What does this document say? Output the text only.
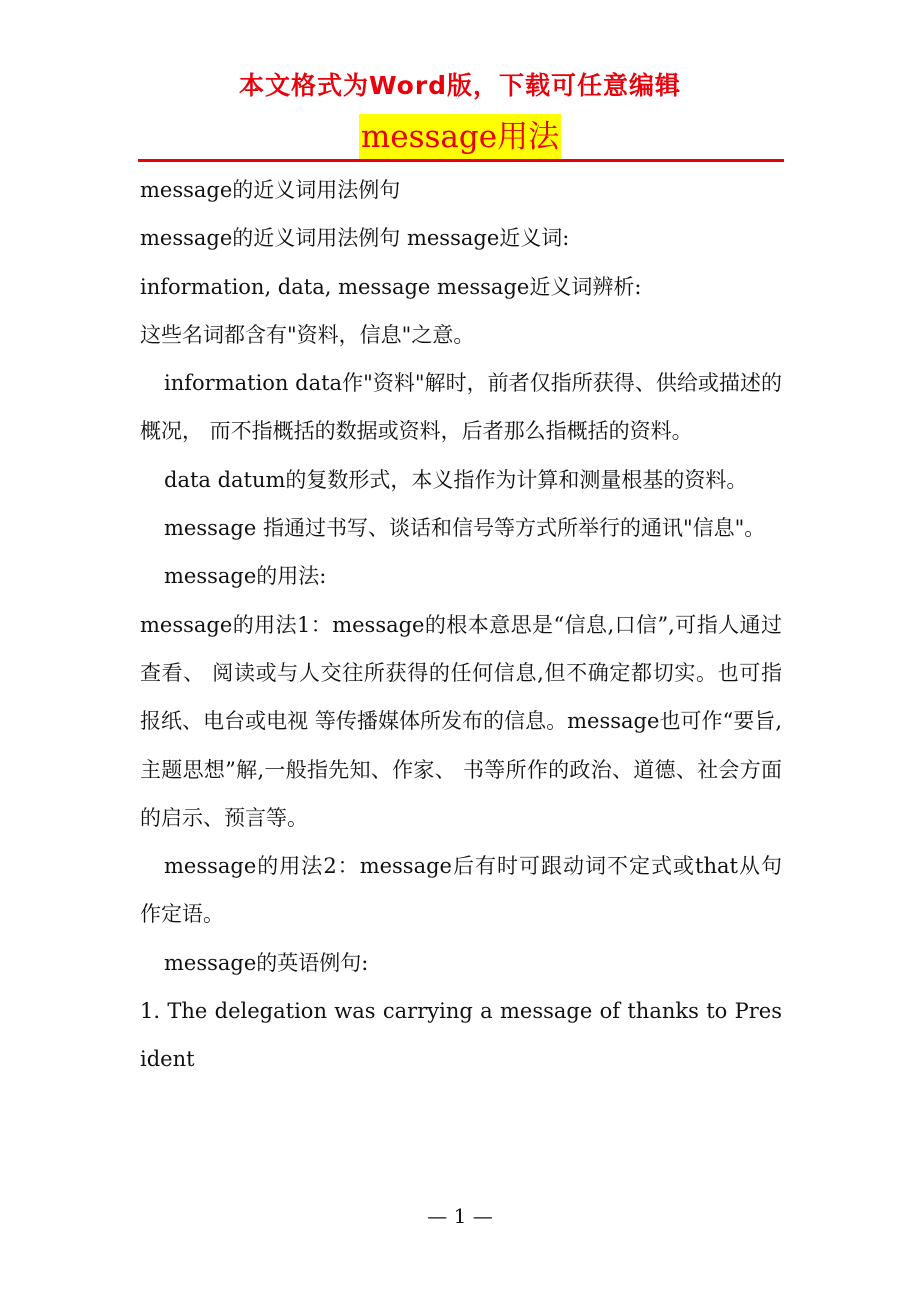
本文格式为Word版，下载可任意编辑
message用法

message的近义词用法例句

message的近义词用法例句 message近义词:

information, data, message message近义词辨析:

这些名词都含有"资料，信息"之意。

information data作"资料"解时，前者仅指所获得、供给或描述的概况， 而不指概括的数据或资料，后者那么指概括的资料。

data datum的复数形式，本义指作为计算和测量根基的资料。

message 指通过书写、谈话和信号等方式所举行的通讯"信息"。

message的用法:

message的用法1：message的根本意思是“信息,口信”,可指人通过查看、 阅读或与人交往所获得的任何信息,但不确定都切实。也可指报纸、电台或电视 等传播媒体所发布的信息。message也可作“要旨,主题思想”解,一般指先知、作家、 书等所作的政治、道德、社会方面的启示、预言等。

message的用法2：message后有时可跟动词不定式或that从句作定语。

message的英语例句:

1. The delegation was carrying a message of thanks to President

— 1 —
